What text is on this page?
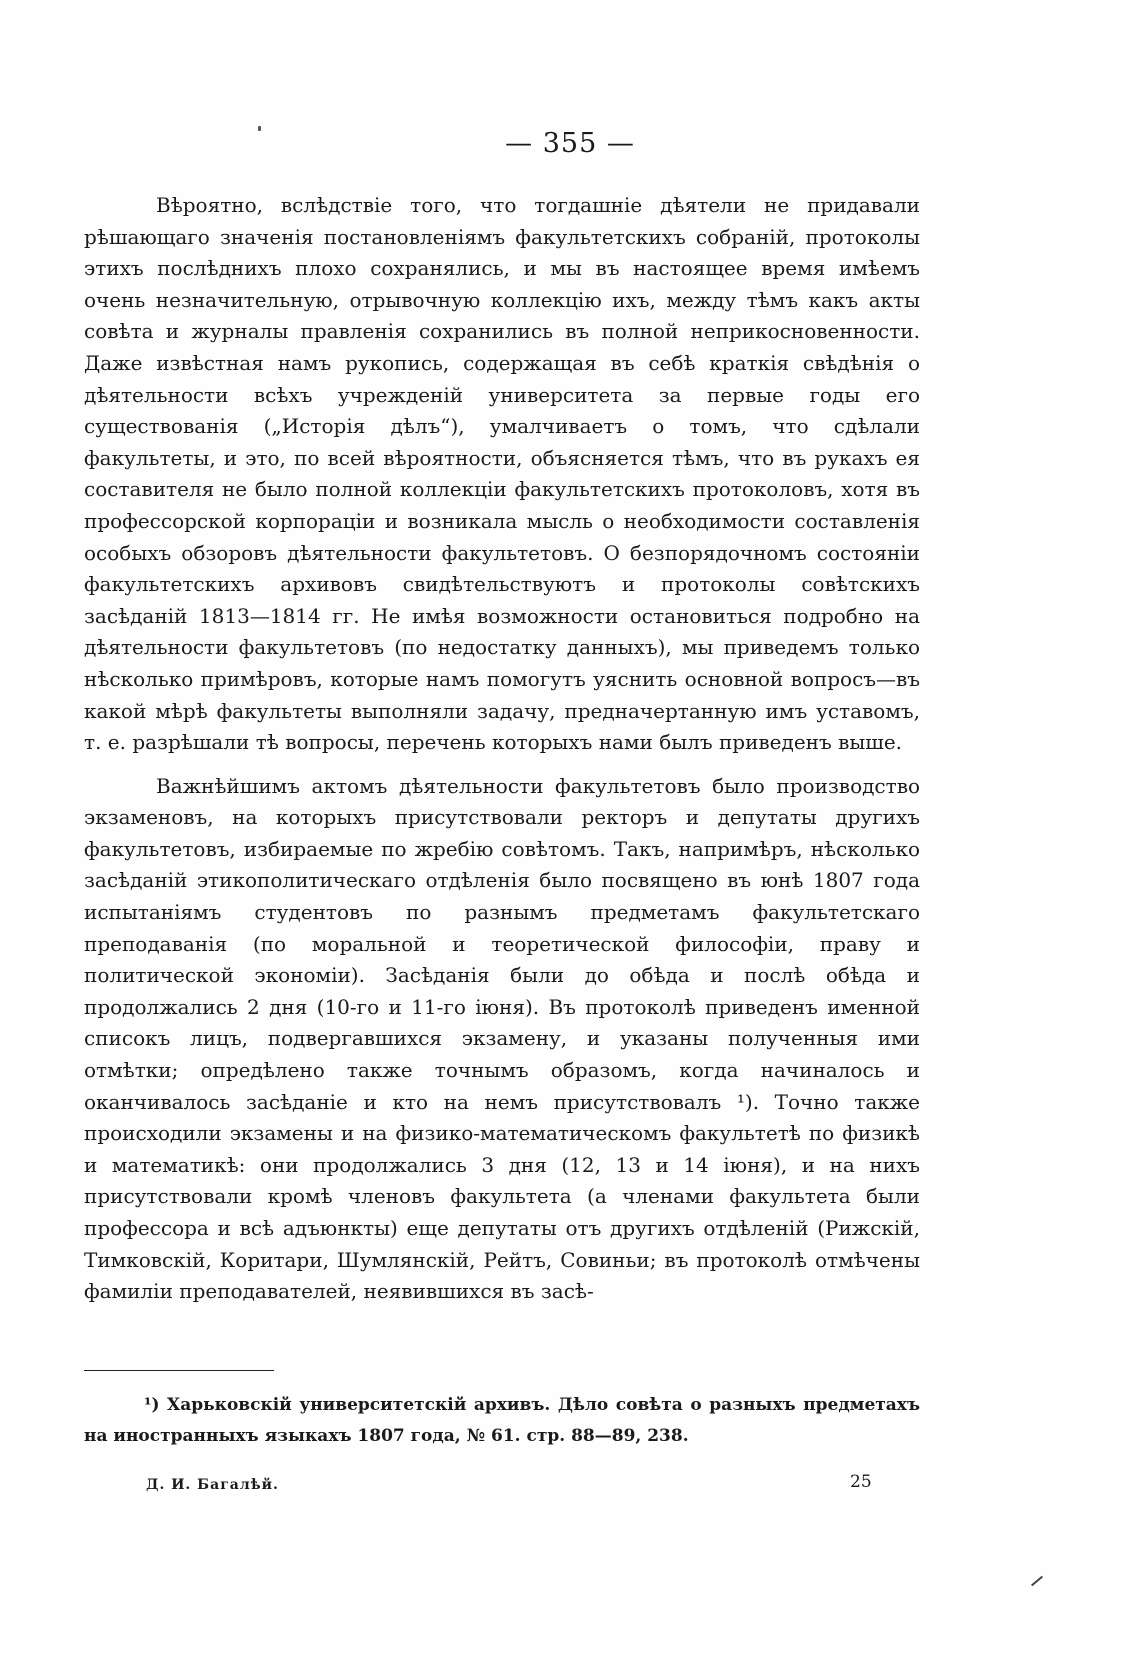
— 355 —

Вѣроятно, вслѣдствіе того, что тогдашніе дѣятели не придавали рѣшающаго значенія постановленіямъ факультетскихъ собраній, протоколы этихъ послѣднихъ плохо сохранялись, и мы въ настоящее время имѣемъ очень незначительную, отрывочную коллекцію ихъ, между тѣмъ какъ акты совѣта и журналы правленія сохранились въ полной неприкосновенности. Даже извѣстная намъ рукопись, содержащая въ себѣ краткія свѣдѣнія о дѣятельности всѣхъ учрежденій университета за первые годы его существованія („Исторія дѣлъ“), умалчиваетъ о томъ, что сдѣлали факультеты, и это, по всей вѣроятности, объясняется тѣмъ, что въ рукахъ ея составителя не было полной коллекціи факультетскихъ протоколовъ, хотя въ профессорской корпораціи и возникала мысль о необходимости составленія особыхъ обзоровъ дѣятельности факультетовъ. О безпорядочномъ состояніи факультетскихъ архивовъ свидѣтельствуютъ и протоколы совѣтскихъ засѣданій 1813—1814 гг. Не имѣя возможности остановиться подробно на дѣятельности факультетовъ (по недостатку данныхъ), мы приведемъ только нѣсколько примѣровъ, которые намъ помогутъ уяснить основной вопросъ—въ какой мѣрѣ факультеты выполняли задачу, предначертанную имъ уставомъ, т. е. разрѣшали тѣ вопросы, перечень которыхъ нами былъ приведенъ выше.

Важнѣйшимъ актомъ дѣятельности факультетовъ было производство экзаменовъ, на которыхъ присутствовали ректоръ и депутаты другихъ факультетовъ, избираемые по жребію совѣтомъ. Такъ, напримѣръ, нѣсколько засѣданій этикополитическаго отдѣленія было посвящено въ юнѣ 1807 года испытаніямъ студентовъ по разнымъ предметамъ факультетскаго преподаванія (по моральной и теоретической философіи, праву и политической экономіи). Засѣданія были до обѣда и послѣ обѣда и продолжались 2 дня (10-го и 11-го іюня). Въ протоколѣ приведенъ именной списокъ лицъ, подвергавшихся экзамену, и указаны полученныя ими отмѣтки; опредѣлено также точнымъ образомъ, когда начиналось и оканчивалось засѣданіе и кто на немъ присутствовалъ ¹). Точно также происходили экзамены и на физико-математическомъ факультетѣ по физикѣ и математикѣ: они продолжались 3 дня (12, 13 и 14 іюня), и на нихъ присутствовали кромѣ членовъ факультета (а членами факультета были профессора и всѣ адъюнкты) еще депутаты отъ другихъ отдѣленій (Рижскій, Тимковскій, Коритари, Шумлянскій, Рейтъ, Совиньи; въ протоколѣ отмѣчены фамиліи преподавателей, неявившихся въ засѣ-

¹) Харьковскій университетскій архивъ. Дѣло совѣта о разныхъ предметахъ на иностранныхъ языкахъ 1807 года, № 61. стр. 88—89, 238.
Д. И. Багалѣй.	25
